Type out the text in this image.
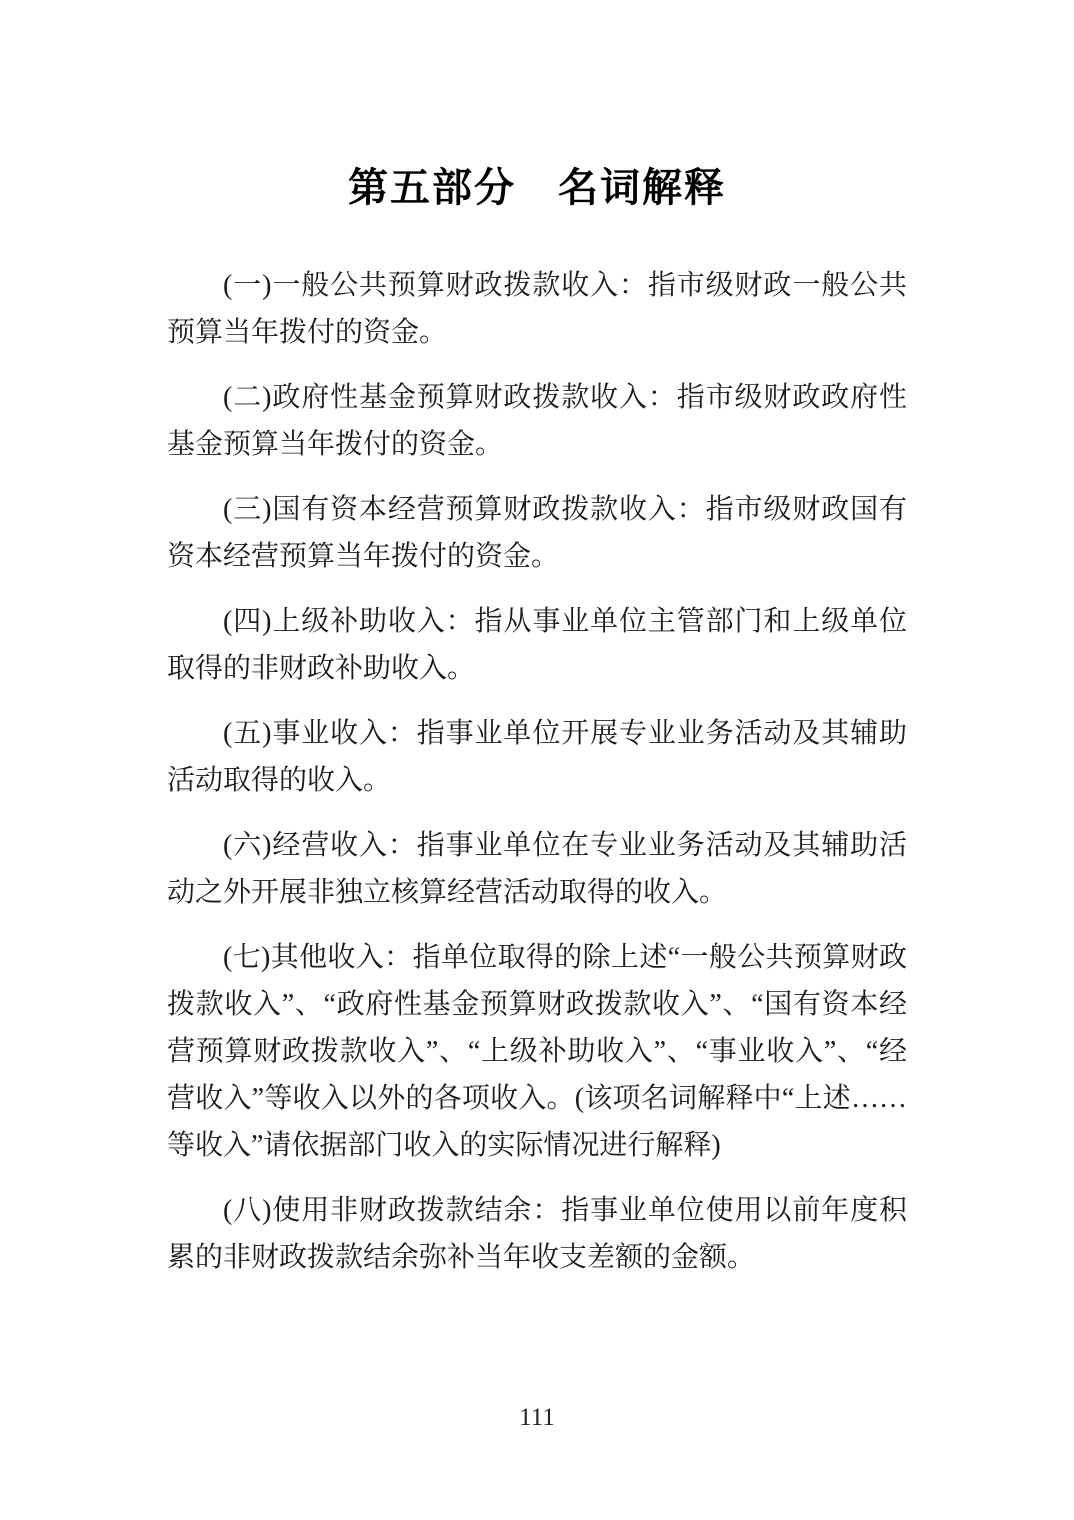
第五部分　名词解释

(一)一般公共预算财政拨款收入：指市级财政一般公共预算当年拨付的资金。

(二)政府性基金预算财政拨款收入：指市级财政政府性基金预算当年拨付的资金。

(三)国有资本经营预算财政拨款收入：指市级财政国有资本经营预算当年拨付的资金。

(四)上级补助收入：指从事业单位主管部门和上级单位取得的非财政补助收入。

(五)事业收入：指事业单位开展专业业务活动及其辅助活动取得的收入。

(六)经营收入：指事业单位在专业业务活动及其辅助活动之外开展非独立核算经营活动取得的收入。

(七)其他收入：指单位取得的除上述“一般公共预算财政拨款收入”、“政府性基金预算财政拨款收入”、“国有资本经营预算财政拨款收入”、“上级补助收入”、“事业收入”、“经营收入”等收入以外的各项收入。(该项名词解释中“上述……等收入”请依据部门收入的实际情况进行解释)

(八)使用非财政拨款结余：指事业单位使用以前年度积累的非财政拨款结余弥补当年收支差额的金额。

111
